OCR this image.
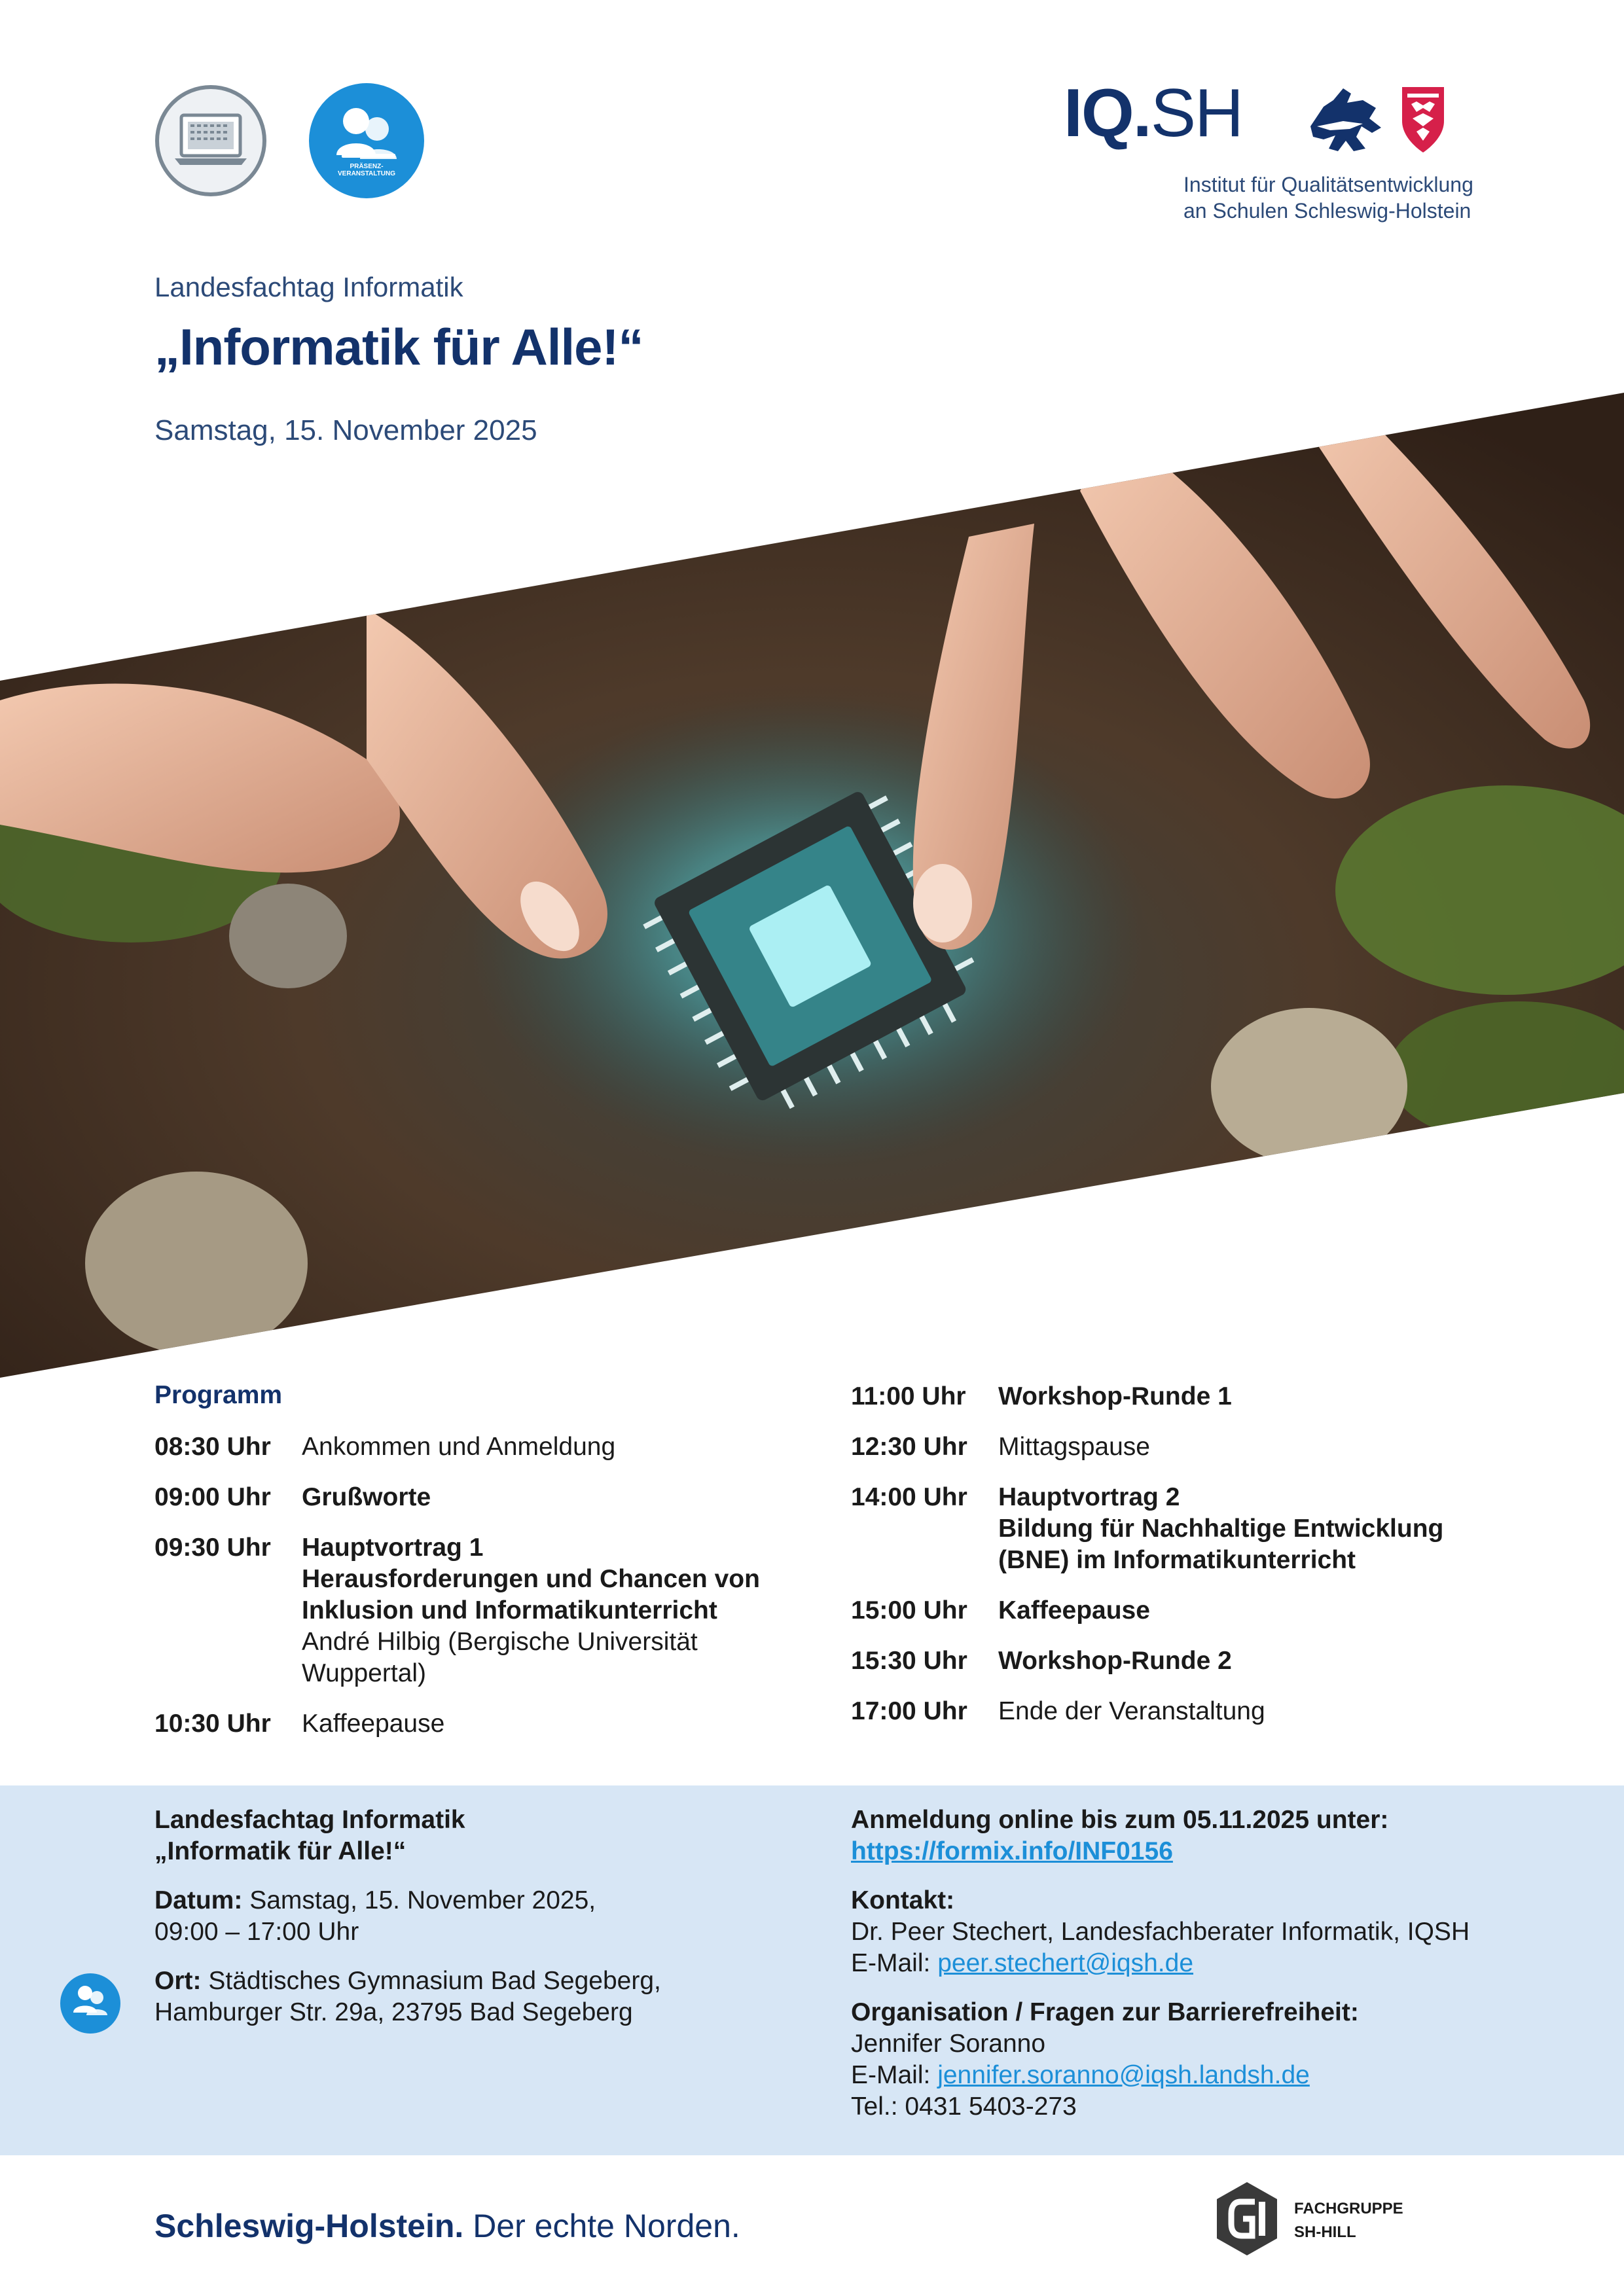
PRÄSENZ-
VERANSTALTUNG
IQ.SH
Institut für Qualitätsentwicklung
an Schulen Schleswig-Holstein
Landesfachtag Informatik
„Informatik für Alle!“
Samstag, 15. November 2025
Programm
08:30 Uhr Ankommen und Anmeldung
09:00 Uhr Grußworte
09:30 Uhr Hauptvortrag 1
Herausforderungen und Chancen von
Inklusion und Informatikunterricht
André Hilbig (Bergische Universität
Wuppertal)
10:30 Uhr Kaffeepause
11:00 Uhr Workshop-Runde 1
12:30 Uhr Mittagspause
14:00 Uhr Hauptvortrag 2
Bildung für Nachhaltige Entwicklung
(BNE) im Informatikunterricht
15:00 Uhr Kaffeepause
15:30 Uhr Workshop-Runde 2
17:00 Uhr Ende der Veranstaltung
Landesfachtag Informatik
„Informatik für Alle!“
Datum: Samstag, 15. November 2025,
09:00 – 17:00 Uhr
Ort: Städtisches Gymnasium Bad Segeberg,
Hamburger Str. 29a, 23795 Bad Segeberg
Anmeldung online bis zum 05.11.2025 unter:
https://formix.info/INF0156
Kontakt:
Dr. Peer Stechert, Landesfachberater Informatik, IQSH
E-Mail: peer.stechert@iqsh.de
Organisation / Fragen zur Barrierefreiheit:
Jennifer Soranno
E-Mail: jennifer.soranno@iqsh.landsh.de
Tel.: 0431 5403-273
Schleswig-Holstein. Der echte Norden.	FACHGRUPPE
SH-HILL
